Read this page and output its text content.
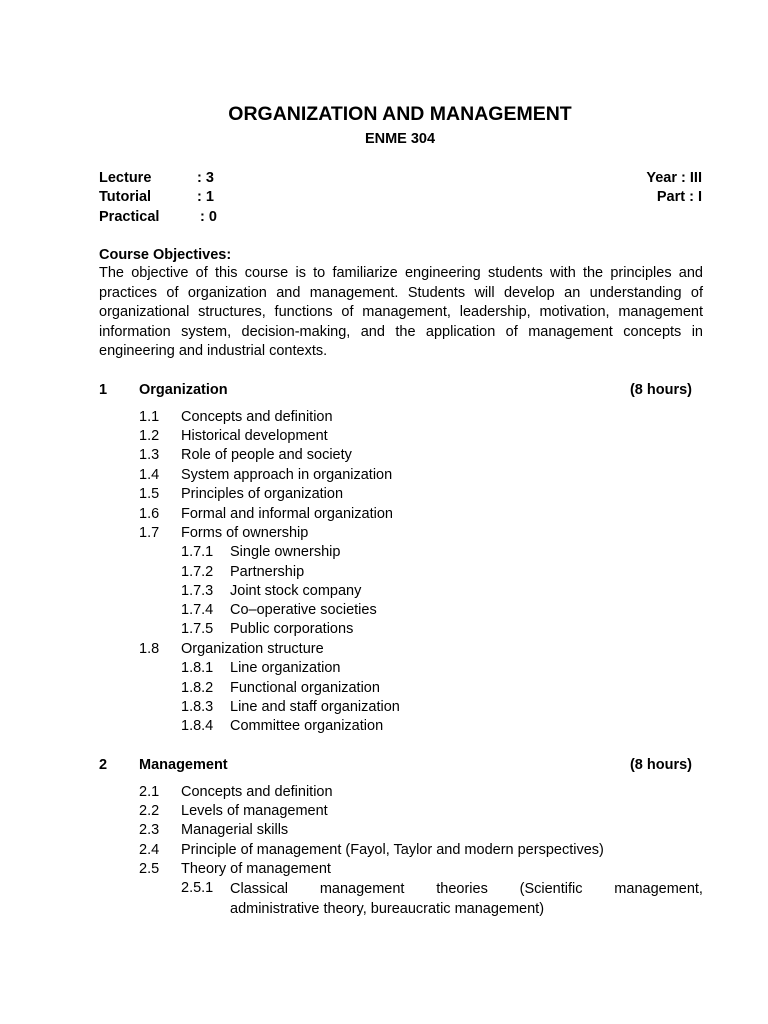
ORGANIZATION AND MANAGEMENT
ENME 304
Lecture	: 3
Tutorial	: 1
Practical	: 0
Year : III
Part : I
Course Objectives:
The objective of this course is to familiarize engineering students with the principles and practices of organization and management. Students will develop an understanding of organizational structures, functions of management, leadership, motivation, management information system, decision-making, and the application of management concepts in engineering and industrial contexts.
1 Organization	(8 hours)
1.1 Concepts and definition
1.2 Historical development
1.3 Role of people and society
1.4 System approach in organization
1.5 Principles of organization
1.6 Formal and informal organization
1.7 Forms of ownership
1.7.1 Single ownership
1.7.2 Partnership
1.7.3 Joint stock company
1.7.4 Co–operative societies
1.7.5 Public corporations
1.8 Organization structure
1.8.1 Line organization
1.8.2 Functional organization
1.8.3 Line and staff organization
1.8.4 Committee organization
2 Management	(8 hours)
2.1 Concepts and definition
2.2 Levels of management
2.3 Managerial skills
2.4 Principle of management (Fayol, Taylor and modern perspectives)
2.5 Theory of management
2.5.1 Classical management theories (Scientific management,
administrative theory, bureaucratic management)
